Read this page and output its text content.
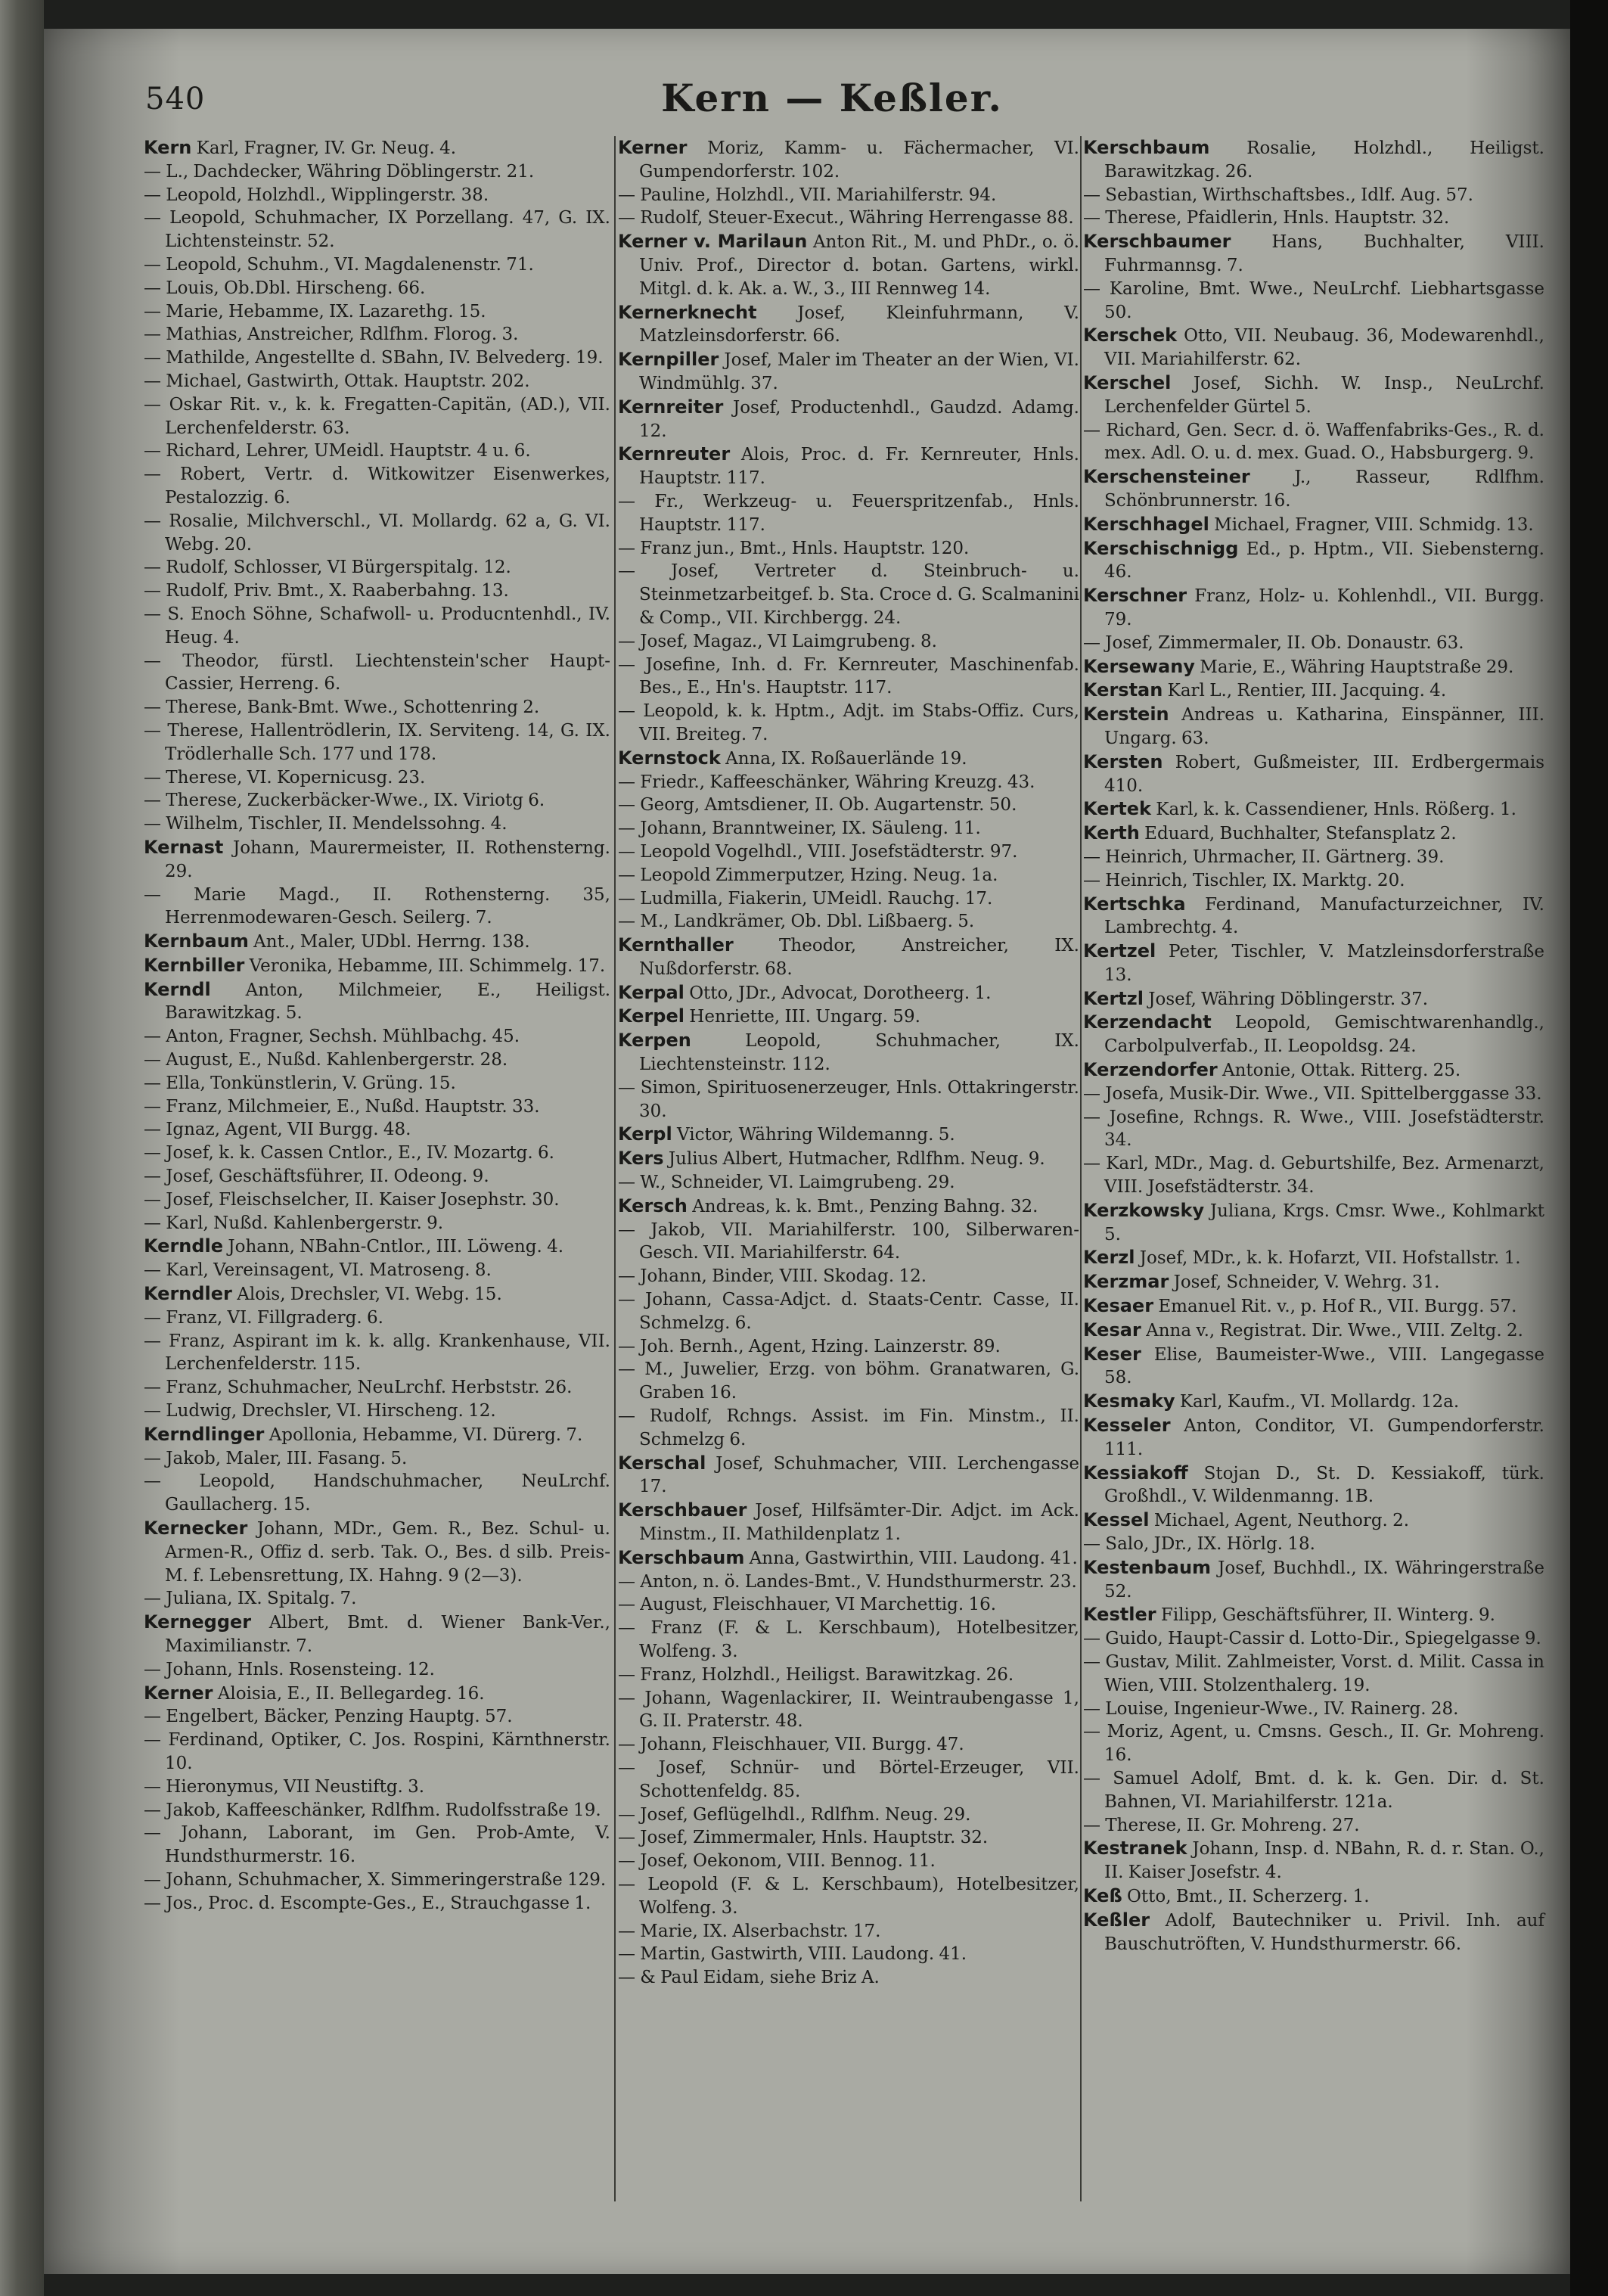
540	Kern — Keßler.
Kern Karl, Fragner, IV. Gr. Neug. 4.
— L., Dachdecker, Währing Döblingerstr. 21.
— Leopold, Holzhdl., Wipplingerstr. 38.
— Leopold, Schuhmacher, IX Porzellang. 47, G. IX. Lichtensteinstr. 52.
— Leopold, Schuhm., VI. Magdalenenstr. 71.
— Louis, Ob.Dbl. Hirscheng. 66.
— Marie, Hebamme, IX. Lazarethg. 15.
— Mathias, Anstreicher, Rdlfhm. Florog. 3.
— Mathilde, Angestellte d. SBahn, IV. Belvederg. 19.
— Michael, Gastwirth, Ottak. Hauptstr. 202.
— Oskar Rit. v., k. k. Fregatten-Capitän, (AD.), VII. Lerchenfelderstr. 63.
— Richard, Lehrer, UMeidl. Hauptstr. 4 u. 6.
— Robert, Vertr. d. Witkowitzer Eisenwerkes, Pestalozzig. 6.
— Rosalie, Milchverschl., VI. Mollardg. 62 a, G. VI. Webg. 20.
— Rudolf, Schlosser, VI Bürgerspitalg. 12.
— Rudolf, Priv. Bmt., X. Raaberbahng. 13.
— S. Enoch Söhne, Schafwoll- u. Producntenhdl., IV. Heug. 4.
— Theodor, fürstl. Liechtenstein'scher Haupt-Cassier, Herreng. 6.
— Therese, Bank-Bmt. Wwe., Schottenring 2.
— Therese, Hallentrödlerin, IX. Servitеng. 14, G. IX. Trödlerhalle Sch. 177 und 178.
— Therese, VI. Kopernicusg. 23.
— Therese, Zuckerbäcker-Wwe., IX. Viriotg 6.
— Wilhelm, Tischler, II. Mendelssohng. 4.
Kernast Johann, Maurermeister, II. Rothensterng. 29.
— Marie Magd., II. Rothensterng. 35, Herrenmodewaren-Gesch. Seilerg. 7.
Kernbaum Ant., Maler, UDbl. Herrng. 138.
Kernbiller Veronika, Hebamme, III. Schimmelg. 17.
Kerndl Anton, Milchmeier, E., Heiligst. Barawitzkag. 5.
— Anton, Fragner, Sechsh. Mühlbachg. 45.
— August, E., Nußd. Kahlenbergerstr. 28.
— Ella, Tonkünstlerin, V. Grüng. 15.
— Franz, Milchmeier, E., Nußd. Hauptstr. 33.
— Ignaz, Agent, VII Burgg. 48.
— Josef, k. k. Cassen Cntlor., E., IV. Mozartg. 6.
— Josef, Geschäftsführer, II. Odeong. 9.
— Josef, Fleischselcher, II. Kaiser Josephstr. 30.
— Karl, Nußd. Kahlenbergerstr. 9.
Kerndle Johann, NBahn-Cntlor., III. Löweng. 4.
— Karl, Vereinsagent, VI. Matrosеng. 8.
Kerndler Alois, Drechsler, VI. Webg. 15.
— Franz, VI. Fillgraderg. 6.
— Franz, Aspirant im k. k. allg. Krankenhause, VII. Lerchenfelderstr. 115.
— Franz, Schuhmacher, NeuLrchf. Herbststr. 26.
— Ludwig, Drechsler, VI. Hirscheng. 12.
Kerndlinger Apollonia, Hebamme, VI. Dürerg. 7.
— Jakob, Maler, III. Fasang. 5.
— Leopold, Handschuhmacher, NeuLrchf. Gaullacherg. 15.
Kernecker Johann, MDr., Gem. R., Bez. Schul- u. Armen-R., Offiz d. serb. Tak. O., Bes. d silb. Preis-M. f. Lebensrettung, IX. Hahng. 9 (2—3).
— Juliana, IX. Spitalg. 7.
Kernegger Albert, Bmt. d. Wiener Bank-Ver., Maximilianstr. 7.
— Johann, Hnls. Rosensteing. 12.
Kerner Aloisia, E., II. Bellegardeg. 16.
— Engelbert, Bäcker, Penzing Hauptg. 57.
— Ferdinand, Optiker, C. Jos. Rospini, Kärnthnerstr. 10.
— Hieronymus, VII Neustiftg. 3.
— Jakob, Kaffeeschänker, Rdlfhm. Rudolfsstraße 19.
— Johann, Laborant, im Gen. Prob-Amte, V. Hundsthurmerstr. 16.
— Johann, Schuhmacher, X. Simmeringerstraße 129.
— Jos., Proc. d. Escompte-Ges., E., Strauchgasse 1.
Kerner Moriz, Kamm- u. Fächermacher, VI. Gumpendorferstr. 102.
— Pauline, Holzhdl., VII. Mariahilferstr. 94.
— Rudolf, Steuer-Execut., Währing Herrengasse 88.
Kerner v. Marilaun Anton Rit., M. und PhDr., o. ö. Univ. Prof., Director d. botan. Gartens, wirkl. Mitgl. d. k. Ak. a. W., 3., III Rennweg 14.
Kernerknecht Josef, Kleinfuhrmann, V. Matzleinsdorferstr. 66.
Kernpiller Josef, Maler im Theater an der Wien, VI. Windmühlg. 37.
Kernreiter Josef, Productenhdl., Gaudzd. Adamg. 12.
Kernreuter Alois, Proc. d. Fr. Kernreuter, Hnls. Hauptstr. 117.
— Fr., Werkzeug- u. Feuerspritzenfab., Hnls. Hauptstr. 117.
— Franz jun., Bmt., Hnls. Hauptstr. 120.
— Josef, Vertreter d. Steinbruch- u. Steinmetzarbeitgef. b. Sta. Croce d. G. Scalmanini & Comp., VII. Kirchbergg. 24.
— Josef, Magaz., VI Laimgrubeng. 8.
— Josefine, Inh. d. Fr. Kernreuter, Maschinenfab. Bes., E., Hn's. Hauptstr. 117.
— Leopold, k. k. Hptm., Adjt. im Stabs-Offiz. Curs, VII. Breiteg. 7.
Kernstock Anna, IX. Roßauerlände 19.
— Friedr., Kaffeeschänker, Währing Kreuzg. 43.
— Georg, Amtsdiener, II. Ob. Augartenstr. 50.
— Johann, Branntweiner, IX. Säuleng. 11.
— Leopold Vogelhdl., VIII. Josefstädterstr. 97.
— Leopold Zimmerputzer, Hzing. Neug. 1a.
— Ludmilla, Fiakerin, UMeidl. Rauchg. 17.
— M., Landkrämer, Ob. Dbl. Lißbaerg. 5.
Kernthaller Theodor, Anstreicher, IX. Nußdorferstr. 68.
Kerpal Otto, JDr., Advocat, Dorotheerg. 1.
Kerpel Henriette, III. Ungarg. 59.
Kerpen Leopold, Schuhmacher, IX. Liechtensteinstr. 112.
— Simon, Spirituosenerzeuger, Hnls. Ottakringerstr. 30.
Kerpl Victor, Währing Wildemanng. 5.
Kers Julius Albert, Hutmacher, Rdlfhm. Neug. 9.
— W., Schneider, VI. Laimgrubeng. 29.
Kersch Andreas, k. k. Bmt., Penzing Bahng. 32.
— Jakob, VII. Mariahilferstr. 100, Silberwaren-Gesch. VII. Mariahilferstr. 64.
— Johann, Binder, VIII. Skodag. 12.
— Johann, Cassa-Adjct. d. Staats-Centr. Casse, II. Schmelzg. 6.
— Joh. Bernh., Agent, Hzing. Lainzerstr. 89.
— M., Juwelier, Erzg. von böhm. Granatwaren, G. Graben 16.
— Rudolf, Rchngs. Assist. im Fin. Minstm., II. Schmelzg 6.
Kerschal Josef, Schuhmacher, VIII. Lerchengasse 17.
Kerschbauer Josef, Hilfsämter-Dir. Adjct. im Ack. Minstm., II. Mathildenplatz 1.
Kerschbaum Anna, Gastwirthin, VIII. Laudong. 41.
— Anton, n. ö. Landes-Bmt., V. Hundsthurmerstr. 23.
— August, Fleischhauer, VI Marchettig. 16.
— Franz (F. & L. Kerschbaum), Hotelbesitzer, Wolfeng. 3.
— Franz, Holzhdl., Heiligst. Barawitzkag. 26.
— Johann, Wagenlackirer, II. Weintraubengasse 1, G. II. Praterstr. 48.
— Johann, Fleischhauer, VII. Burgg. 47.
— Josef, Schnür- und Börtel-Erzeuger, VII. Schottenfeldg. 85.
— Josef, Geflügelhdl., Rdlfhm. Neug. 29.
— Josef, Zimmermaler, Hnls. Hauptstr. 32.
— Josef, Oekonom, VIII. Bennog. 11.
— Leopold (F. & L. Kerschbaum), Hotelbesitzer, Wolfeng. 3.
— Marie, IX. Alserbachstr. 17.
— Martin, Gastwirth, VIII. Laudong. 41.
— & Paul Eidam, siehe Briz A.
Kerschbaum Rosalie, Holzhdl., Heiligst. Barawitzkag. 26.
— Sebastian, Wirthschaftsbes., Idlf. Aug. 57.
— Therese, Pfaidlerin, Hnls. Hauptstr. 32.
Kerschbaumer Hans, Buchhalter, VIII. Fuhrmannsg. 7.
— Karoline, Bmt. Wwe., NeuLrchf. Liebhartsgasse 50.
Kerschek Otto, VII. Neubaug. 36, Modewarenhdl., VII. Mariahilferstr. 62.
Kerschel Josef, Sichh. W. Insp., NeuLrchf. Lerchenfelder Gürtel 5.
— Richard, Gen. Secr. d. ö. Waffenfabriks-Ges., R. d. mex. Adl. O. u. d. mex. Guad. O., Habsburgerg. 9.
Kerschensteiner J., Rasseur, Rdlfhm. Schönbrunnerstr. 16.
Kerschhagel Michael, Fragner, VIII. Schmidg. 13.
Kerschischnigg Ed., p. Hptm., VII. Siebensterng. 46.
Kerschner Franz, Holz- u. Kohlenhdl., VII. Burgg. 79.
— Josef, Zimmermaler, II. Ob. Donaustr. 63.
Kersewany Marie, E., Währing Hauptstraße 29.
Kerstan Karl L., Rentier, III. Jacquing. 4.
Kerstein Andreas u. Katharina, Einspänner, III. Ungarg. 63.
Kersten Robert, Gußmeister, III. Erdbergermais 410.
Kertek Karl, k. k. Cassendiener, Hnls. Rößerg. 1.
Kerth Eduard, Buchhalter, Stefansplatz 2.
— Heinrich, Uhrmacher, II. Gärtnerg. 39.
— Heinrich, Tischler, IX. Marktg. 20.
Kertschka Ferdinand, Manufacturzeichner, IV. Lambrechtg. 4.
Kertzel Peter, Tischler, V. Matzleinsdorferstraße 13.
Kertzl Josef, Währing Döblingerstr. 37.
Kerzendacht Leopold, Gemischtwarenhandlg., Carbolpulverfab., II. Leopoldsg. 24.
Kerzendorfer Antonie, Ottak. Ritterg. 25.
— Josefa, Musik-Dir. Wwe., VII. Spittelberggasse 33.
— Josefine, Rchngs. R. Wwe., VIII. Josefstädterstr. 34.
— Karl, MDr., Mag. d. Geburtshilfe, Bez. Armenarzt, VIII. Josefstädterstr. 34.
Kerzkowsky Juliana, Krgs. Cmsr. Wwe., Kohlmarkt 5.
Kerzl Josef, MDr., k. k. Hofarzt, VII. Hofstallstr. 1.
Kerzmar Josef, Schneider, V. Wehrg. 31.
Kesaer Emanuel Rit. v., p. Hof R., VII. Burgg. 57.
Kesar Anna v., Registrat. Dir. Wwe., VIII. Zeltg. 2.
Keser Elise, Baumeister-Wwe., VIII. Langegasse 58.
Kesmaky Karl, Kaufm., VI. Mollardg. 12a.
Kesseler Anton, Conditor, VI. Gumpendorferstr. 111.
Kessiakoff Stojan D., St. D. Kessiakoff, türk. Großhdl., V. Wildenmanng. 1B.
Kessel Michael, Agent, Neuthorg. 2.
— Salo, JDr., IX. Hörlg. 18.
Kestenbaum Josef, Buchhdl., IX. Währingerstraße 52.
Kestler Filipp, Geschäftsführer, II. Winterg. 9.
— Guido, Haupt-Cassir d. Lotto-Dir., Spiegelgasse 9.
— Gustav, Milit. Zahlmeister, Vorst. d. Milit. Cassa in Wien, VIII. Stolzenthalerg. 19.
— Louise, Ingenieur-Wwe., IV. Rainerg. 28.
— Moriz, Agent, u. Cmsns. Gesch., II. Gr. Mohreng. 16.
— Samuel Adolf, Bmt. d. k. k. Gen. Dir. d. St. Bahnen, VI. Mariahilferstr. 121a.
— Therese, II. Gr. Mohreng. 27.
Kestranek Johann, Insp. d. NBahn, R. d. r. Stan. O., II. Kaiser Josefstr. 4.
Keß Otto, Bmt., II. Scherzerg. 1.
Keßler Adolf, Bautechniker u. Privil. Inh. auf Bauschutröften, V. Hundsthurmerstr. 66.
